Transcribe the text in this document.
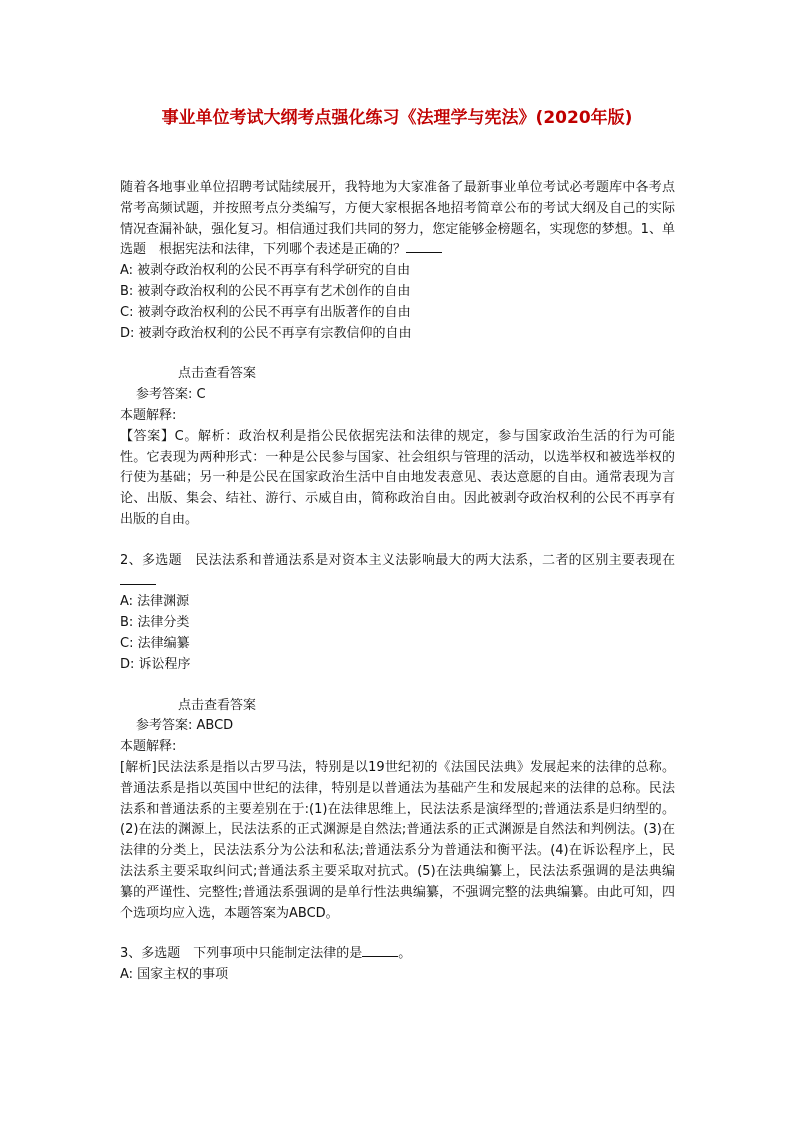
事业单位考试大纲考点强化练习《法理学与宪法》(2020年版)

随着各地事业单位招聘考试陆续展开，我特地为大家准备了最新事业单位考试必考题库中各考点常考高频试题，并按照考点分类编写，方便大家根据各地招考简章公布的考试大纲及自己的实际情况查漏补缺，强化复习。相信通过我们共同的努力，您定能够金榜题名，实现您的梦想。1、单选题　根据宪法和法律，下列哪个表述是正确的？

A: 被剥夺政治权利的公民不再享有科学研究的自由

B: 被剥夺政治权利的公民不再享有艺术创作的自由

C: 被剥夺政治权利的公民不再享有出版著作的自由

D: 被剥夺政治权利的公民不再享有宗教信仰的自由

点击查看答案

参考答案: C

本题解释:

【答案】C。解析：政治权利是指公民依据宪法和法律的规定，参与国家政治生活的行为可能性。它表现为两种形式：一种是公民参与国家、社会组织与管理的活动，以选举权和被选举权的行使为基础；另一种是公民在国家政治生活中自由地发表意见、表达意愿的自由。通常表现为言论、出版、集会、结社、游行、示威自由，简称政治自由。因此被剥夺政治权利的公民不再享有出版的自由。

2、多选题　民法法系和普通法系是对资本主义法影响最大的两大法系，二者的区别主要表现在

A: 法律渊源

B: 法律分类

C: 法律编纂

D: 诉讼程序

点击查看答案

参考答案: ABCD

本题解释:

[解析]民法法系是指以古罗马法，特别是以19世纪初的《法国民法典》发展起来的法律的总称。普通法系是指以英国中世纪的法律，特别是以普通法为基础产生和发展起来的法律的总称。民法法系和普通法系的主要差别在于:(1)在法律思维上，民法法系是演绎型的;普通法系是归纳型的。(2)在法的渊源上，民法法系的正式渊源是自然法;普通法系的正式渊源是自然法和判例法。(3)在法律的分类上，民法法系分为公法和私法;普通法系分为普通法和衡平法。(4)在诉讼程序上，民法法系主要采取纠问式;普通法系主要采取对抗式。(5)在法典编纂上，民法法系强调的是法典编纂的严谨性、完整性;普通法系强调的是单行性法典编纂，不强调完整的法典编纂。由此可知，四个选项均应入选，本题答案为ABCD。

3、多选题　下列事项中只能制定法律的是	。

A: 国家主权的事项
